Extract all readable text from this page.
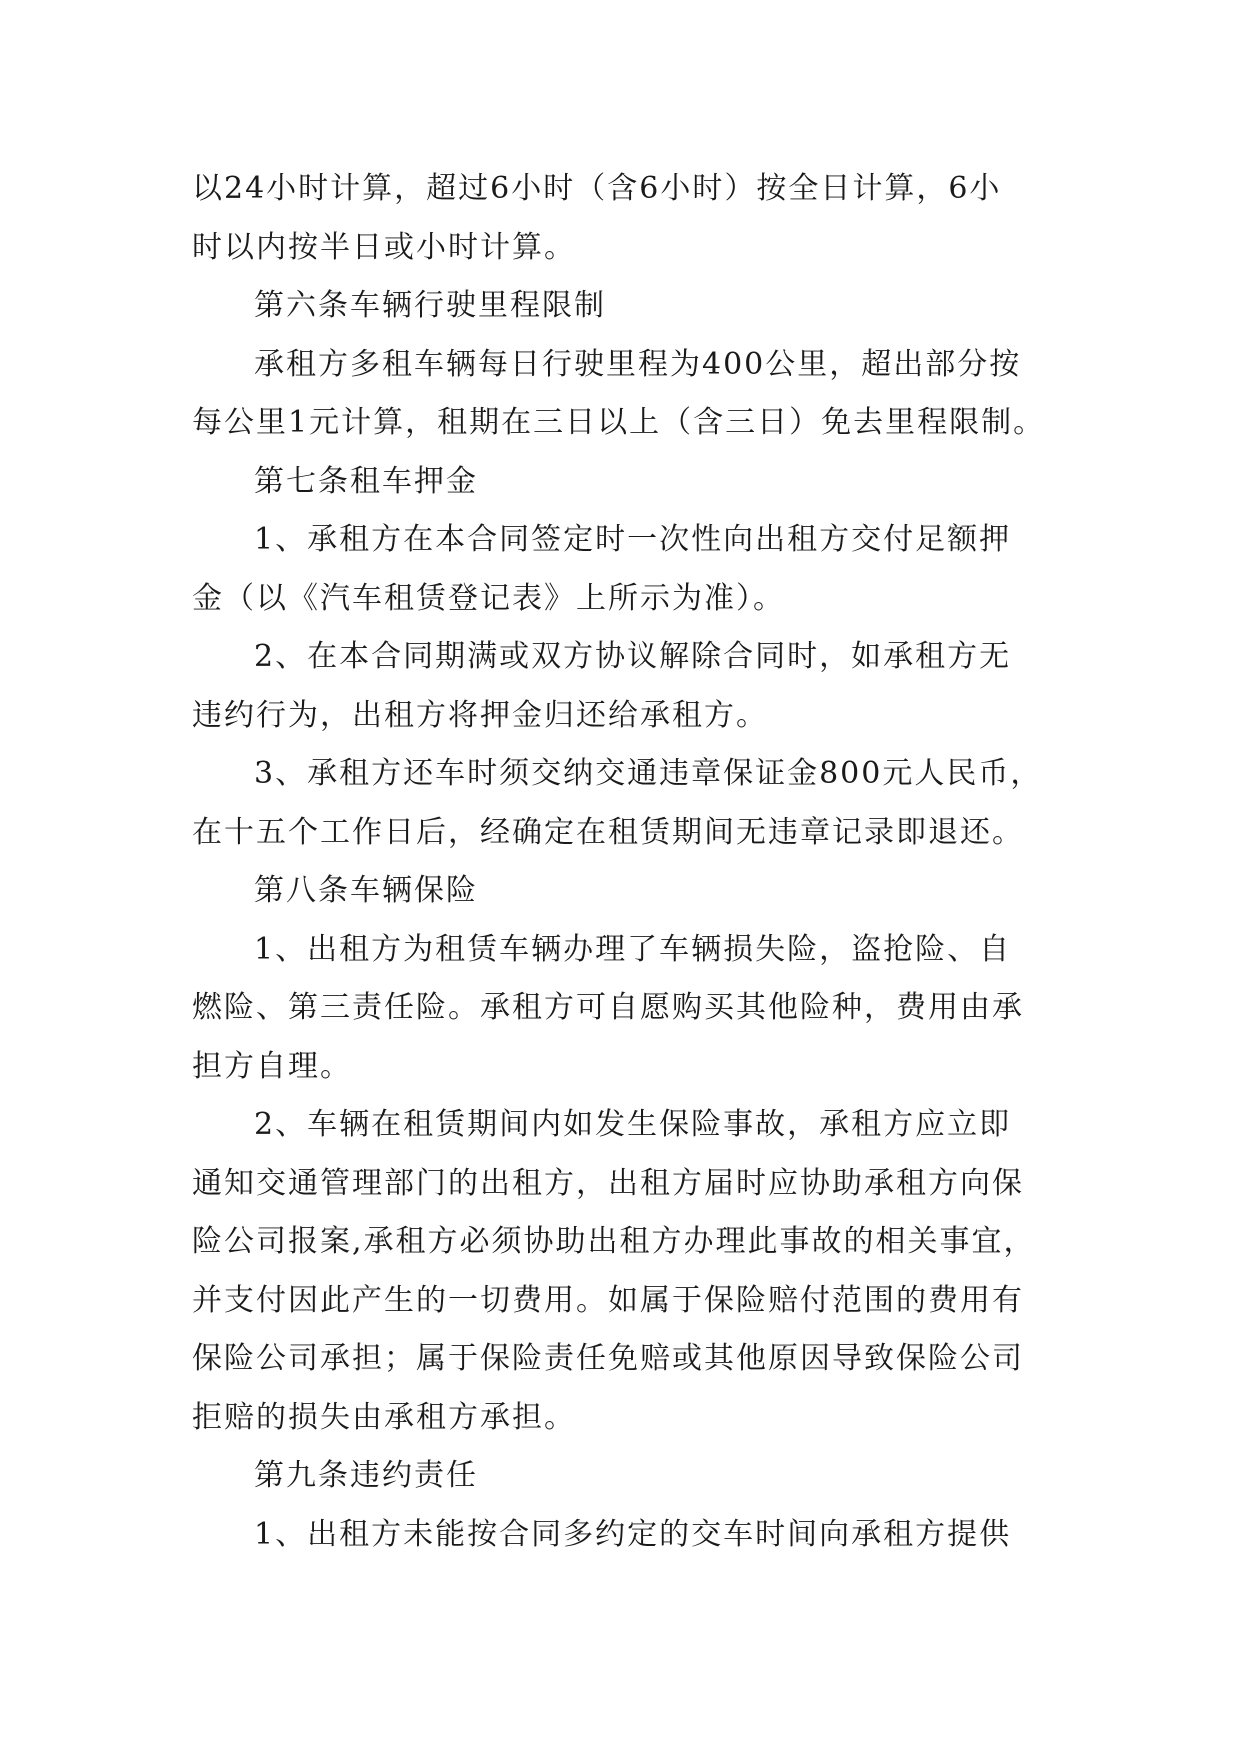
以24小时计算，超过6小时（含6小时）按全日计算，6小
时以内按半日或小时计算。
第六条车辆行驶里程限制
承租方多租车辆每日行驶里程为400公里，超出部分按
每公里1元计算，租期在三日以上（含三日）免去里程限制。
第七条租车押金
1、承租方在本合同签定时一次性向出租方交付足额押
金（以《汽车租赁登记表》上所示为准）。
2、在本合同期满或双方协议解除合同时，如承租方无
违约行为，出租方将押金归还给承租方。
3、承租方还车时须交纳交通违章保证金800元人民币，
在十五个工作日后，经确定在租赁期间无违章记录即退还。
第八条车辆保险
1、出租方为租赁车辆办理了车辆损失险，盗抢险、自
燃险、第三责任险。承租方可自愿购买其他险种，费用由承
担方自理。
2、车辆在租赁期间内如发生保险事故，承租方应立即
通知交通管理部门的出租方，出租方届时应协助承租方向保
险公司报案,承租方必须协助出租方办理此事故的相关事宜，
并支付因此产生的一切费用。如属于保险赔付范围的费用有
保险公司承担；属于保险责任免赔或其他原因导致保险公司
拒赔的损失由承租方承担。
第九条违约责任
1、出租方未能按合同多约定的交车时间向承租方提供
